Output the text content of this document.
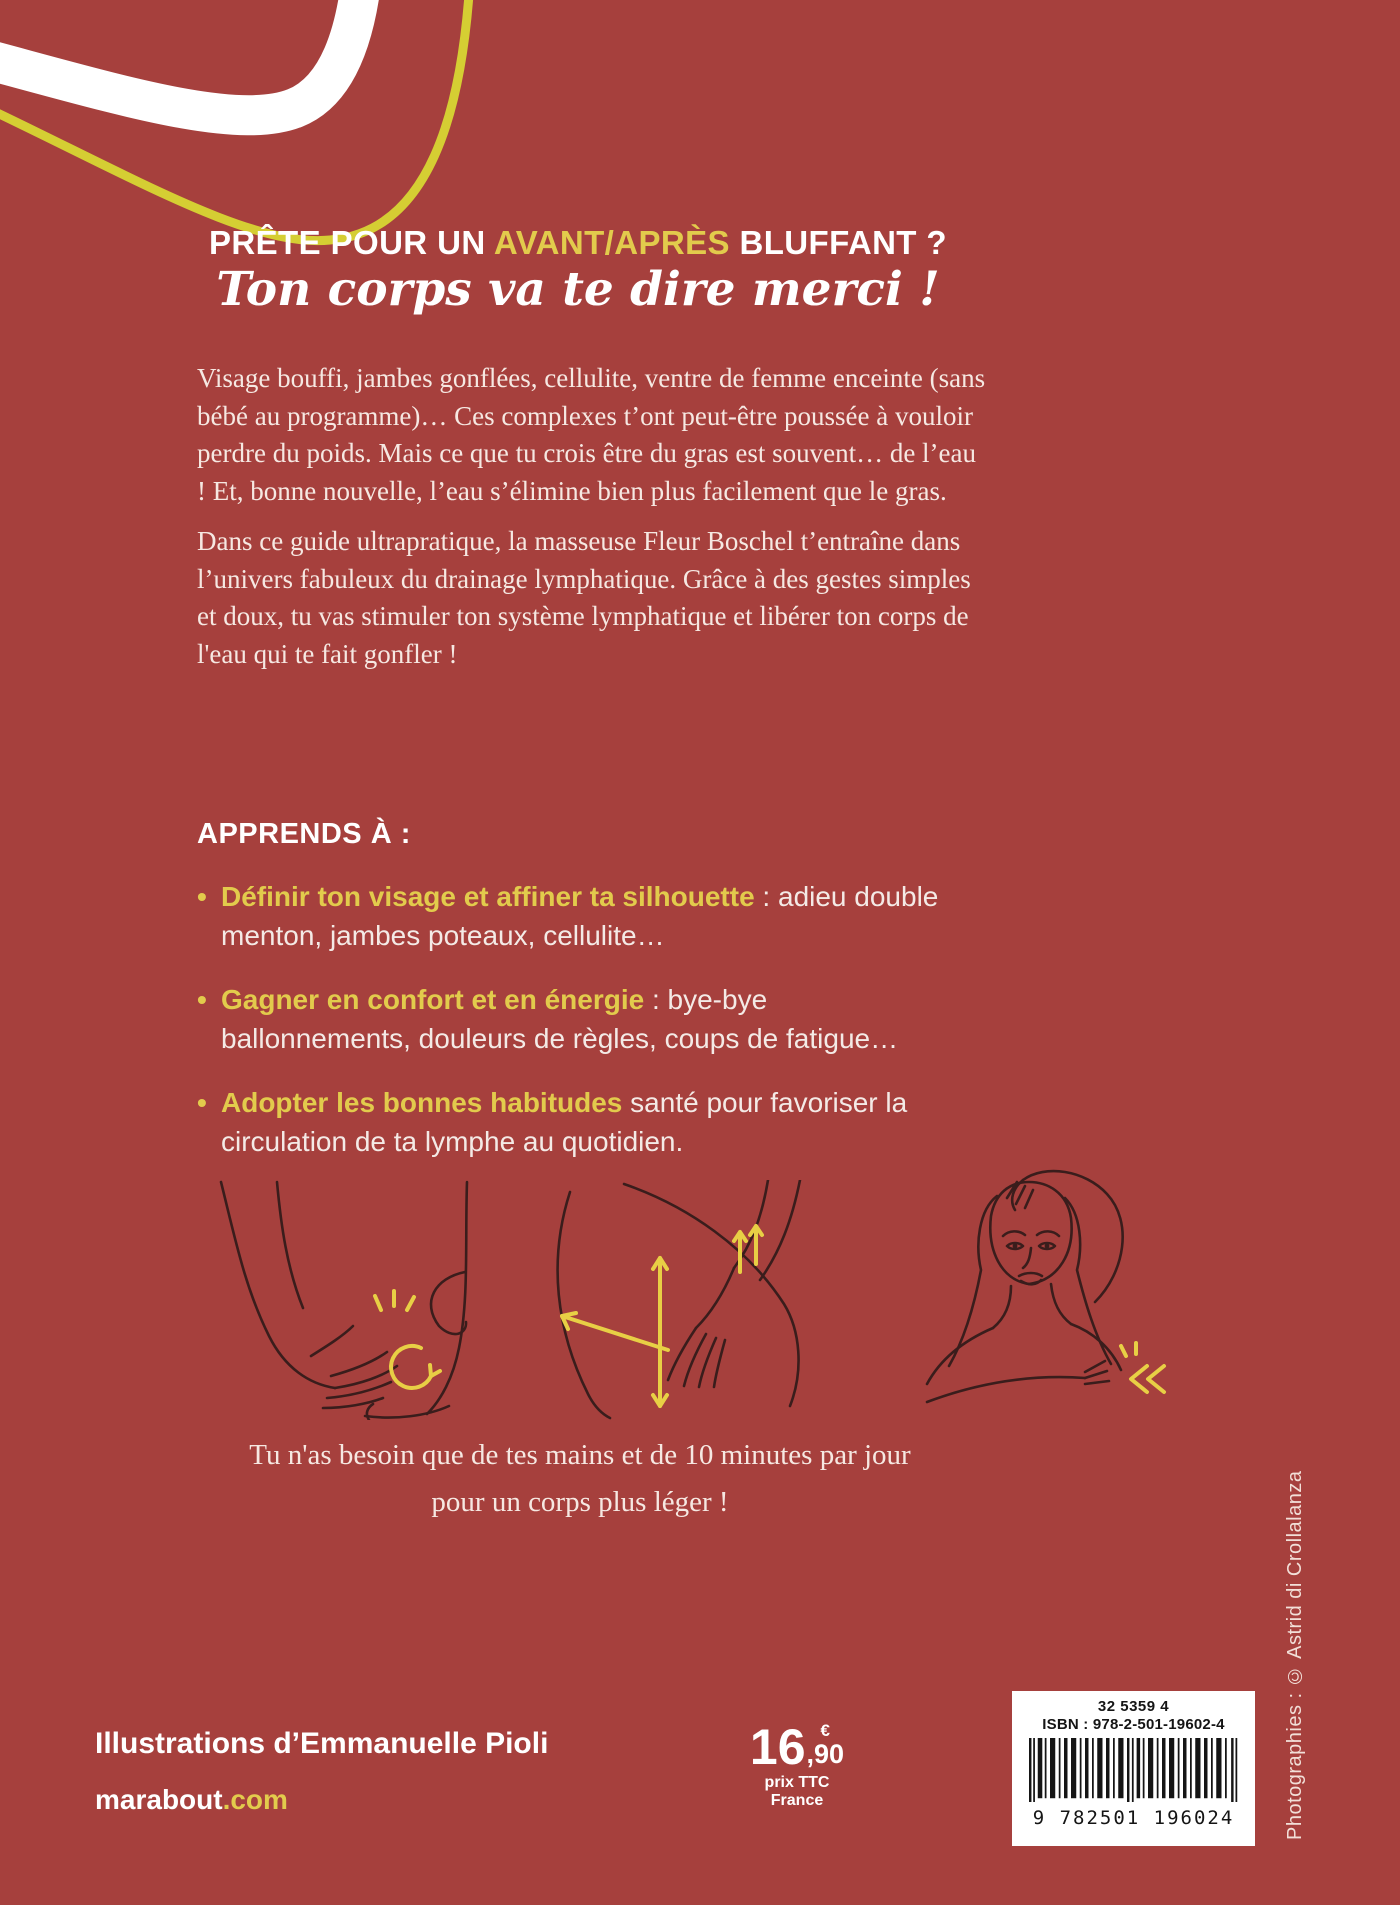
PRÊTE POUR UN AVANT/APRÈS BLUFFANT ?
Ton corps va te dire merci !

Visage bouffi, jambes gonflées, cellulite, ventre de femme enceinte (sans bébé au programme)… Ces complexes t’ont peut-être poussée à vouloir perdre du poids. Mais ce que tu crois être du gras est souvent… de l’eau ! Et, bonne nouvelle, l’eau s’élimine bien plus facilement que le gras.

Dans ce guide ultrapratique, la masseuse Fleur Boschel t’entraîne dans l’univers fabuleux du drainage lymphatique. Grâce à des gestes simples et doux, tu vas stimuler ton système lymphatique et libérer ton corps de l'eau qui te fait gonfler !

APPRENDS À :
• Définir ton visage et affiner ta silhouette : adieu double menton, jambes poteaux, cellulite…
• Gagner en confort et en énergie : bye-bye ballonnements, douleurs de règles, coups de fatigue…
• Adopter les bonnes habitudes santé pour favoriser la circulation de ta lymphe au quotidien.
Tu n'as besoin que de tes mains et de 10 minutes par jour pour un corps plus léger !
Illustrations d’Emmanuelle Pioli
marabout.com
16 €
,90
prix TTC France
32 5359 4
ISBN : 978-2-501-19602-4
9 782501 196024	Photographies : © Astrid di Crollalanza
